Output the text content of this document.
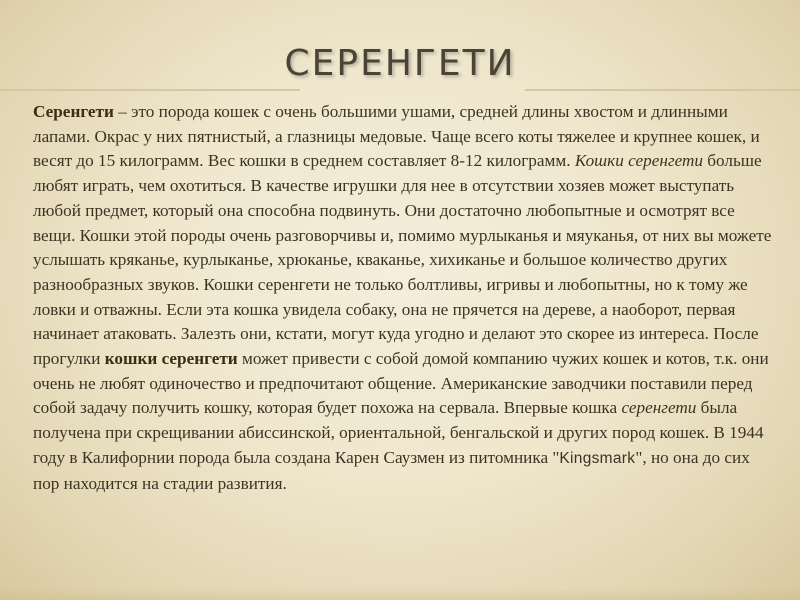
СЕРЕНГЕТИ

Серенгети – это порода кошек с очень большими ушами, средней длины хвостом и длинными лапами. Окрас у них пятнистый, а глазницы медовые. Чаще всего коты тяжелее и крупнее кошек, и весят до 15 килограмм. Вес кошки в среднем составляет 8-12 килограмм. Кошки серенгети больше любят играть, чем охотиться. В качестве игрушки для нее в отсутствии хозяев может выступать любой предмет, который она способна подвинуть. Они достаточно любопытные и осмотрят все вещи. Кошки этой породы очень разговорчивы и, помимо мурлыканья и мяуканья, от них вы можете услышать кряканье, курлыканье, хрюканье, кваканье, хихиканье и большое количество других разнообразных звуков. Кошки серенгети не только болтливы, игривы и любопытны, но к тому же ловки и отважны. Если эта кошка увидела собаку, она не прячется на дереве, а наоборот, первая начинает атаковать. Залезть они, кстати, могут куда угодно и делают это скорее из интереса. После прогулки кошки серенгети может привести с собой домой компанию чужих кошек и котов, т.к. они очень не любят одиночество и предпочитают общение. Американские заводчики поставили перед собой задачу получить кошку, которая будет похожа на сервала. Впервые кошка серенгети была получена при скрещивании абиссинской, ориентальной, бенгальской и других пород кошек. В 1944 году в Калифорнии порода была создана Карен Саузмен из питомника "Kingsmark", но она до сих пор находится на стадии развития.
